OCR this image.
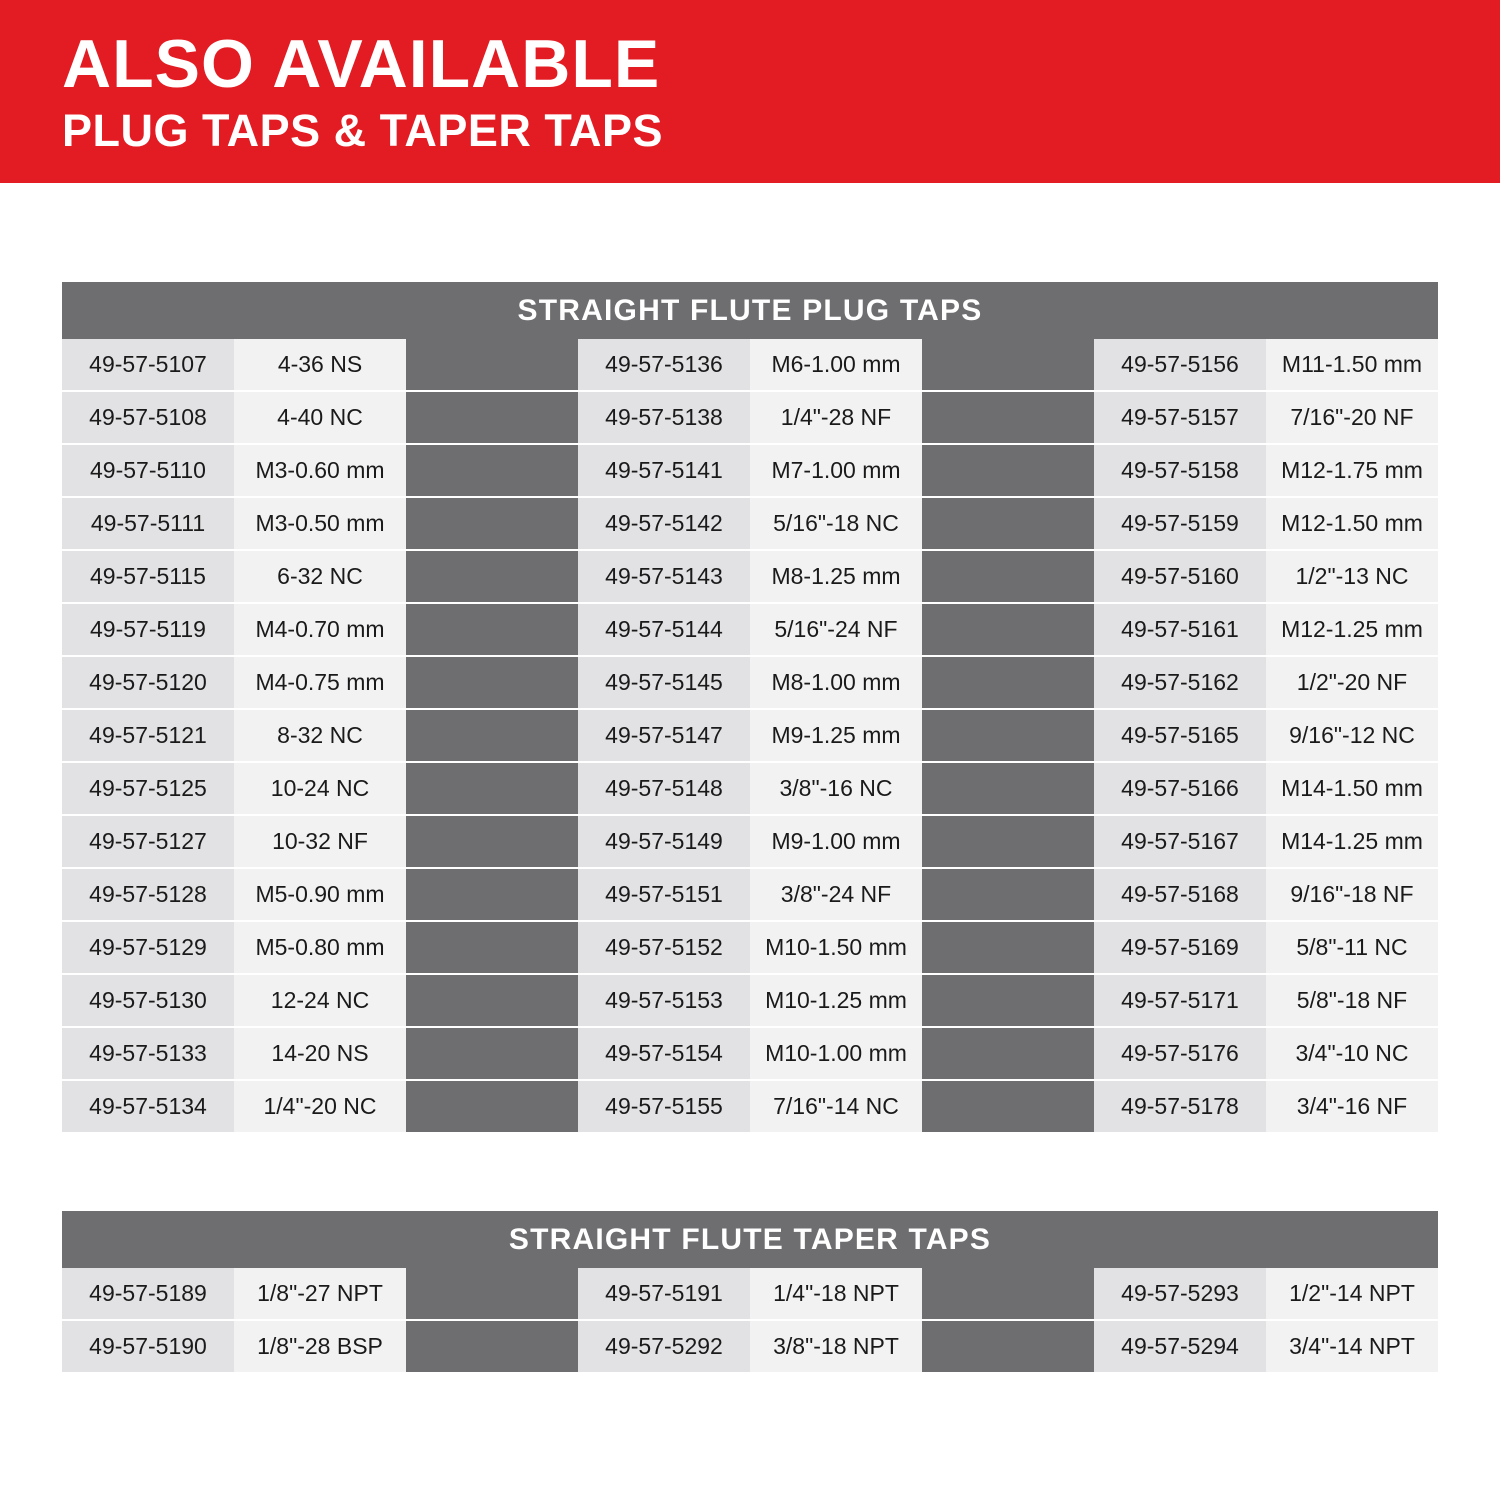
ALSO AVAILABLE
PLUG TAPS & TAPER TAPS
STRAIGHT FLUTE PLUG TAPS							
49-57-5107	4-36 NS		49-57-5136	M6-1.00 mm		49-57-5156	M11-1.50 mm
49-57-5108	4-40 NC		49-57-5138	1/4"-28 NF		49-57-5157	7/16"-20 NF
49-57-5110	M3-0.60 mm		49-57-5141	M7-1.00 mm		49-57-5158	M12-1.75 mm
49-57-5111	M3-0.50 mm		49-57-5142	5/16"-18 NC		49-57-5159	M12-1.50 mm
49-57-5115	6-32 NC		49-57-5143	M8-1.25 mm		49-57-5160	1/2"-13 NC
49-57-5119	M4-0.70 mm		49-57-5144	5/16"-24 NF		49-57-5161	M12-1.25 mm
49-57-5120	M4-0.75 mm		49-57-5145	M8-1.00 mm		49-57-5162	1/2"-20 NF
49-57-5121	8-32 NC		49-57-5147	M9-1.25 mm		49-57-5165	9/16"-12 NC
49-57-5125	10-24 NC		49-57-5148	3/8"-16 NC		49-57-5166	M14-1.50 mm
49-57-5127	10-32 NF		49-57-5149	M9-1.00 mm		49-57-5167	M14-1.25 mm
49-57-5128	M5-0.90 mm		49-57-5151	3/8"-24 NF		49-57-5168	9/16"-18 NF
49-57-5129	M5-0.80 mm		49-57-5152	M10-1.50 mm		49-57-5169	5/8"-11 NC
49-57-5130	12-24 NC		49-57-5153	M10-1.25 mm		49-57-5171	5/8"-18 NF
49-57-5133	14-20 NS		49-57-5154	M10-1.00 mm		49-57-5176	3/4"-10 NC
49-57-5134	1/4"-20 NC		49-57-5155	7/16"-14 NC		49-57-5178	3/4"-16 NF
STRAIGHT FLUTE TAPER TAPS							
49-57-5189	1/8"-27 NPT		49-57-5191	1/4"-18 NPT		49-57-5293	1/2"-14 NPT
49-57-5190	1/8"-28 BSP		49-57-5292	3/8"-18 NPT		49-57-5294	3/4"-14 NPT
